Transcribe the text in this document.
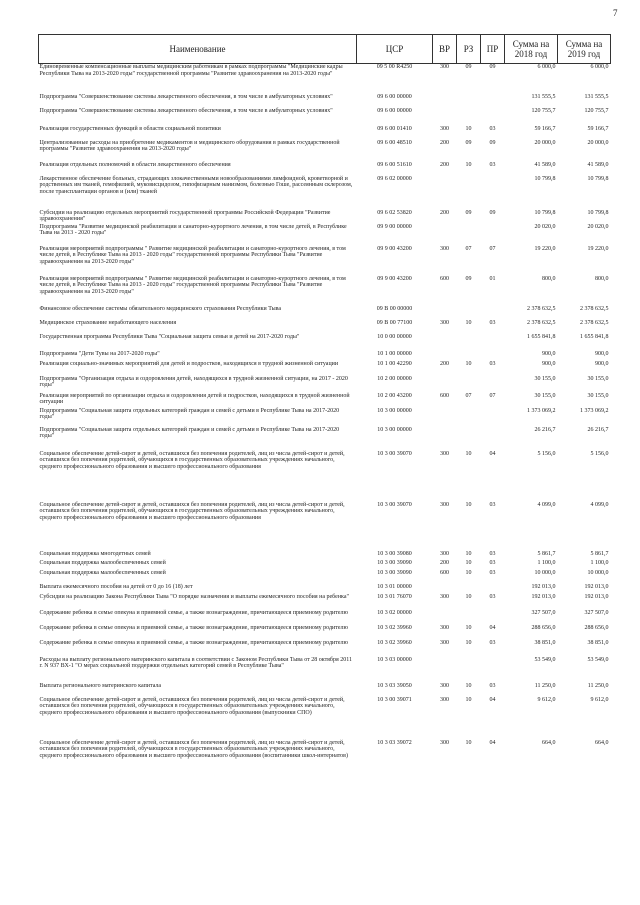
7
Наименование	ЦСР	ВР	РЗ	ПР	Сумма на 2018 год	Сумма на 2019 год
Единовременные компенсационные выплаты медицинским работникам в рамках подпрограммы "Медицинские кадры Республики Тыва на 2013-2020 годы" государственной программы "Развитие здравоохранения на 2013-2020 годы"	09 5 00 R4250	300	09	09	6 000,0	6 000,0
Подпрограмма "Совершенствование системы лекарственного обеспечения, в том числе в амбулаторных условиях"	09 6 00 00000				131 555,5	131 555,5
Подпрограмма "Совершенствование системы лекарственного обеспечения, в том числе в амбулаторных условиях"	09 6 00 00000				120 755,7	120 755,7
Реализация государственных функций в области социальной политики	09 6 00 01410	300	10	03	59 166,7	59 166,7
Централизованные расходы на приобретение медикаментов и медицинского оборудования в рамках государственной программы "Развитие здравоохранения на 2013-2020 годы"	09 6 00 48510	200	09	09	20 000,0	20 000,0
Реализация отдельных полномочий в области лекарственного обеспечения	09 6 00 51610	200	10	03	41 589,0	41 589,0
Лекарственное обеспечение больных, страдающих злокачественными новообразованиями лимфоидной, кроветворной и родственных им тканей, гемофилией, муковисцидозом, гипофизарным нанизмом, болезнью Гоше, рассеянным склерозом, после трансплантации органов и (или) тканей	09 6 02 00000				10 799,8	10 799,8
Субсидии на реализацию отдельных мероприятий государственной программы Российской Федерации "Развитие здравоохранения"	09 6 02 53820	200	09	09	10 799,8	10 799,8
Подпрограмма "Развитие медицинской реабилитации и санаторно-курортного лечения, в том числе детей, в Республике Тыва на 2013 - 2020 годы"	09 9 00 00000				20 020,0	20 020,0
Реализация мероприятий подпрограммы " Развитие медицинской реабилитации и санаторно-курортного лечения, в том числе детей, в Республике Тыва на 2013 - 2020 годы" государственной программы Республики Тыва "Развитие здравоохранения на 2013-2020 годы"	09 9 00 43200	300	07	07	19 220,0	19 220,0
Реализация мероприятий подпрограммы " Развитие медицинской реабилитации и санаторно-курортного лечения, в том числе детей, в Республике Тыва на 2013 - 2020 годы" государственной программы Республики Тыва "Развитие здравоохранения на 2013-2020 годы"	09 9 00 43200	600	09	01	800,0	800,0
Финансовое обеспечение системы обязательного медицинского страхования Республики Тыва	09 В 00 00000				2 378 632,5	2 378 632,5
Медицинское страхование неработающего населения	09 В 00 77100	300	10	03	2 378 632,5	2 378 632,5
Государственная программа Республики Тыва "Социальная защита семьи и детей на 2017-2020 годы"	10 0 00 00000				1 655 841,8	1 655 841,8
Подпрограмма "Дети Тувы на 2017-2020 годы"	10 1 00 00000				900,0	900,0
Реализация социально-значимых мероприятий для детей и подростков, находящихся в трудной жизненной ситуации	10 1 00 42290	200	10	03	900,0	900,0
Подпрограмма "Организация отдыха и оздоровления детей, находящихся в трудной жизненной ситуации, на 2017 - 2020 годы"	10 2 00 00000				30 155,0	30 155,0
Реализация мероприятий по организации отдыха и оздоровления детей и подростков, находящихся в трудной жизненной ситуации	10 2 00 43200	600	07	07	30 155,0	30 155,0
Подпрограмма "Социальная защита отдельных категорий граждан и семей с детьми в Республике Тыва на 2017-2020 годы"	10 3 00 00000				1 373 069,2	1 373 069,2
Подпрограмма "Социальная защита отдельных категорий граждан и семей с детьми в Республике Тыва на 2017-2020 годы"	10 3 00 00000				26 216,7	26 216,7
Социальное обеспечение детей-сирот и детей, оставшихся без попечения родителей, лиц из числа детей-сирот и детей, оставшихся без попечения родителей, обучающихся в государственных образовательных учреждениях начального, среднего профессионального образования и высшего профессионального образования	10 3 00 39070	300	10	04	5 156,0	5 156,0
Социальное обеспечение детей-сирот и детей, оставшихся без попечения родителей, лиц из числа детей-сирот и детей, оставшихся без попечения родителей, обучающихся в государственных образовательных учреждениях начального, среднего профессионального образования и высшего профессионального образования	10 3 00 39070	300	10	03	4 099,0	4 099,0
Социальная поддержка многодетных семей	10 3 00 39080	300	10	03	5 861,7	5 861,7
Социальная поддержка малообеспеченных семей	10 3 00 39090	200	10	03	1 100,0	1 100,0
Социальная поддержка малообеспеченных семей	10 3 00 39090	600	10	03	10 000,0	10 000,0
Выплата ежемесячного пособия на детей от 0 до 16 (18) лет	10 3 01 00000				192 013,0	192 013,0
Субсидии на реализацию Закона Республики Тыва "О порядке назначения и выплаты ежемесячного пособия на ребенка"	10 3 01 76070	300	10	03	192 013,0	192 013,0
Содержание ребенка в семье опекуна и приемной семье, а также вознаграждение, причитающееся приемному родителю	10 3 02 00000				327 507,0	327 507,0
Содержание ребенка в семье опекуна и приемной семье, а также вознаграждение, причитающееся приемному родителю	10 3 02 39960	300	10	04	288 656,0	288 656,0
Содержание ребенка в семье опекуна и приемной семье, а также вознаграждение, причитающееся приемному родителю	10 3 02 39960	300	10	03	38 851,0	38 851,0
Расходы на выплату регионального материнского капитала в соответствии с Законом Республики Тыва от 28 октября 2011 г. N 937 ВХ-1 "О мерах социальной поддержки отдельных категорий семей в Республике Тыва"	10 3 03 00000				53 549,0	53 549,0
Выплата регионального материнского капитала	10 3 03 39050	300	10	03	11 250,0	11 250,0
Социальное обеспечение детей-сирот и детей, оставшихся без попечения родителей, лиц из числа детей-сирот и детей, оставшихся без попечения родителей, обучающихся в государственных образовательных учреждениях начального, среднего профессионального образования и высшего профессионального образования (выпускники СПО)	10 3 00 39071	300	10	04	9 612,0	9 612,0
Социальное обеспечение детей-сирот и детей, оставшихся без попечения родителей, лиц из числа детей-сирот и детей, оставшихся без попечения родителей, обучающихся в государственных образовательных учреждениях начального, среднего профессионального образования и высшего профессионального образования (воспитанники школ-интернатов)	10 3 03 39072	300	10	04	664,0	664,0
